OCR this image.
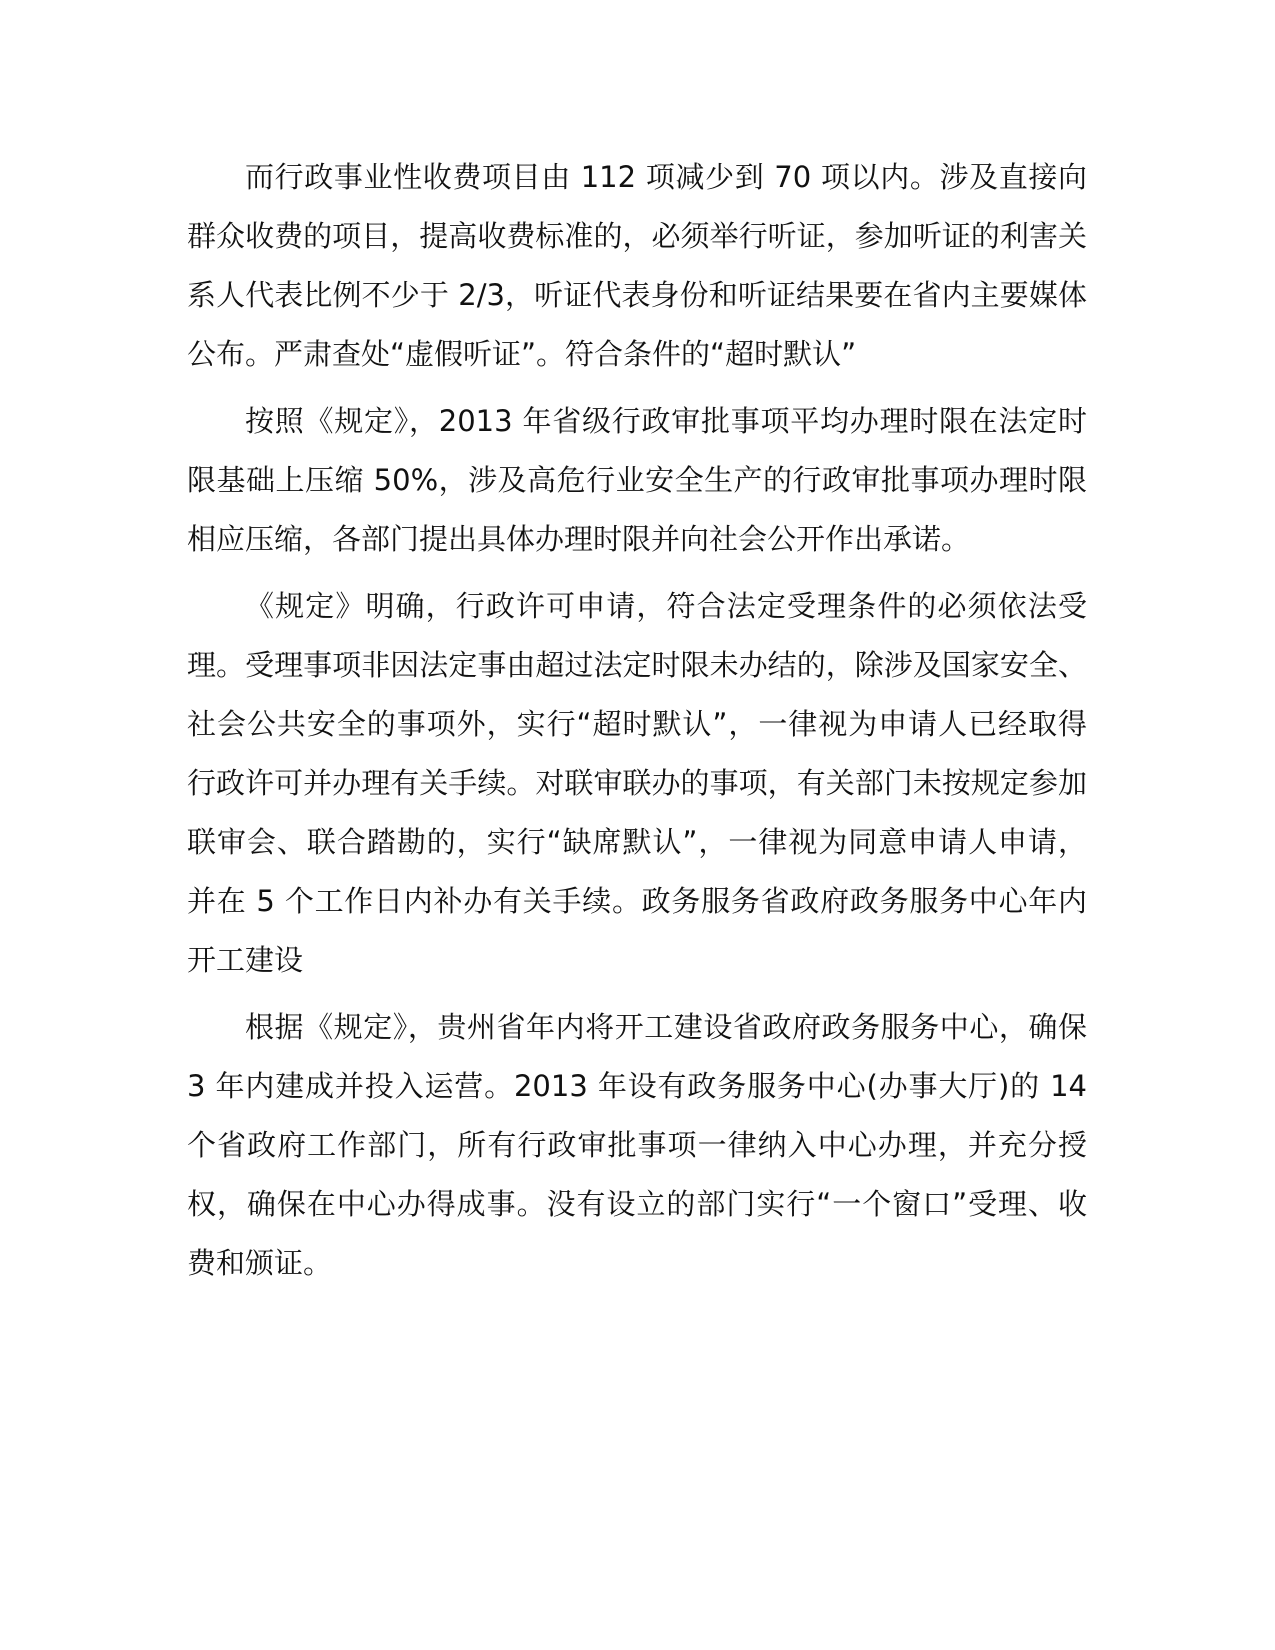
而行政事业性收费项目由 112 项减少到 70 项以内。涉及直接向群众收费的项目，提高收费标准的，必须举行听证，参加听证的利害关系人代表比例不少于 2/3，听证代表身份和听证结果要在省内主要媒体公布。严肃查处“虚假听证”。符合条件的“超时默认”

按照《规定》，2013 年省级行政审批事项平均办理时限在法定时限基础上压缩 50%，涉及高危行业安全生产的行政审批事项办理时限相应压缩，各部门提出具体办理时限并向社会公开作出承诺。

《规定》明确，行政许可申请，符合法定受理条件的必须依法受理。受理事项非因法定事由超过法定时限未办结的，除涉及国家安全、社会公共安全的事项外，实行“超时默认”，一律视为申请人已经取得行政许可并办理有关手续。对联审联办的事项，有关部门未按规定参加联审会、联合踏勘的，实行“缺席默认”，一律视为同意申请人申请，并在 5 个工作日内补办有关手续。政务服务省政府政务服务中心年内开工建设

根据《规定》，贵州省年内将开工建设省政府政务服务中心，确保 3 年内建成并投入运营。2013 年设有政务服务中心(办事大厅)的 14 个省政府工作部门，所有行政审批事项一律纳入中心办理，并充分授权，确保在中心办得成事。没有设立的部门实行“一个窗口”受理、收费和颁证。
